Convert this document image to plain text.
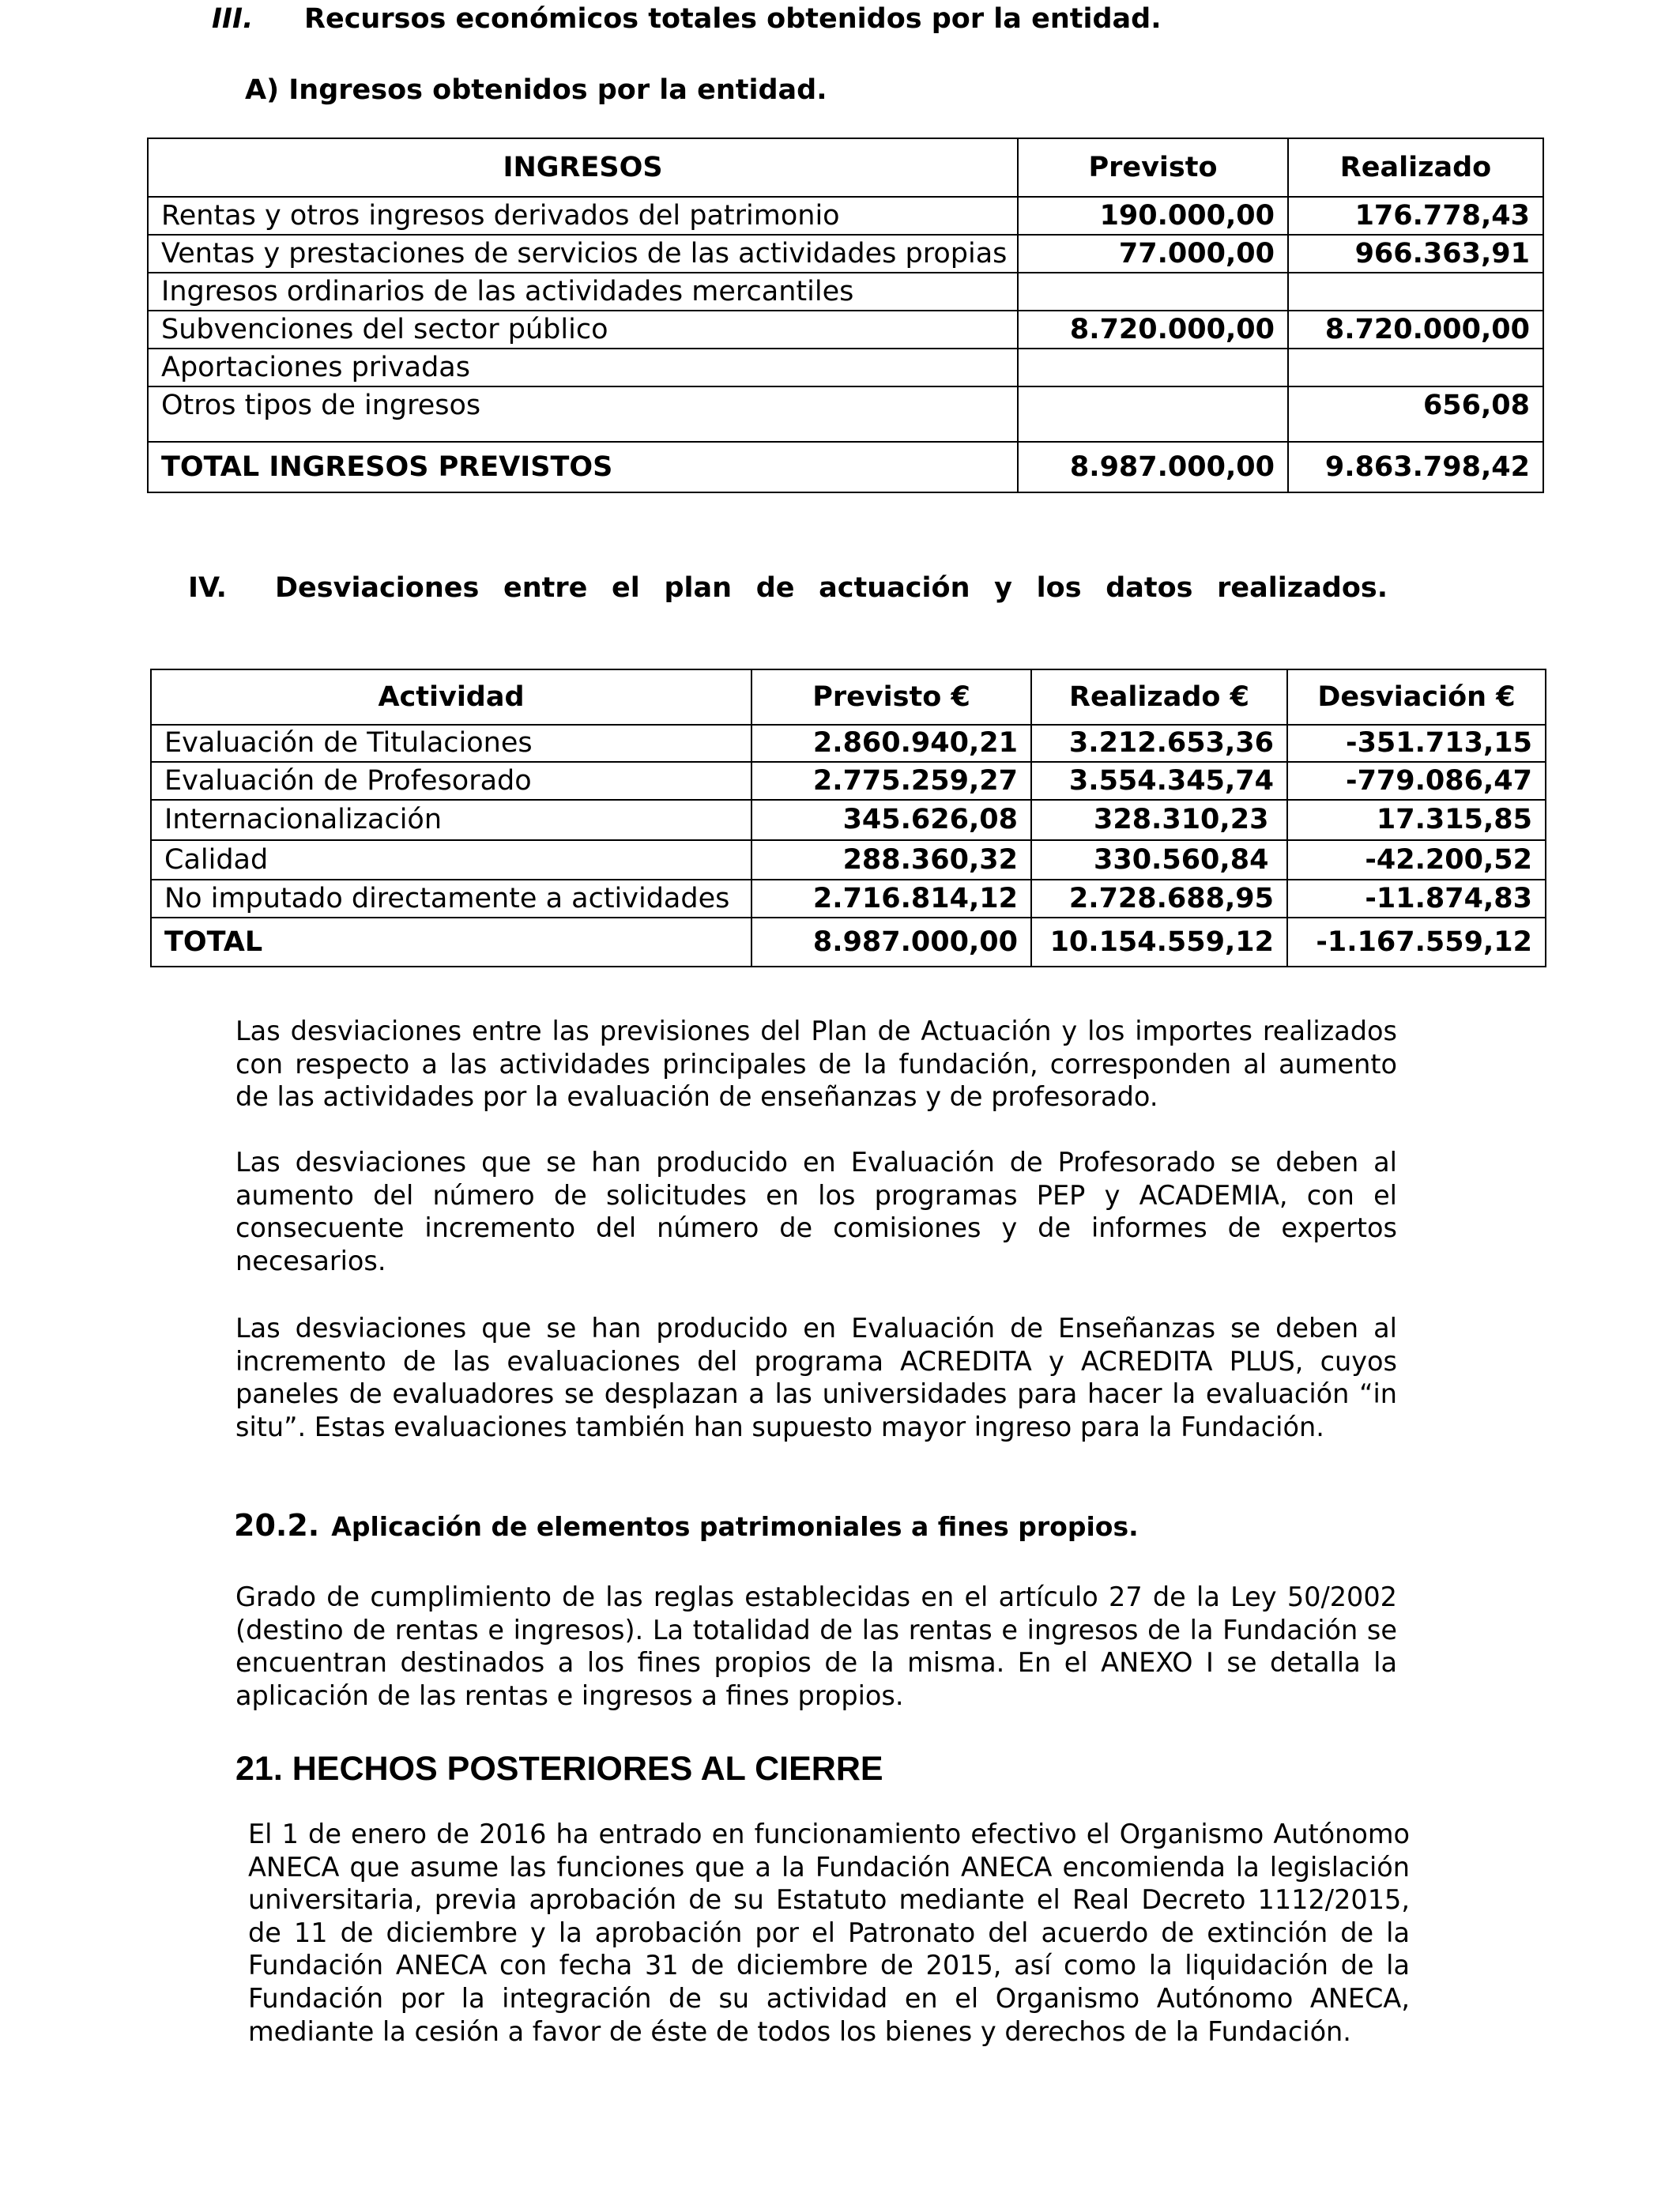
III. Recursos económicos totales obtenidos por la entidad.
A) Ingresos obtenidos por la entidad.
INGRESOS	Previsto	Realizado
Rentas y otros ingresos derivados del patrimonio	190.000,00	176.778,43
Ventas y prestaciones de servicios de las actividades propias	77.000,00	966.363,91
Ingresos ordinarios de las actividades mercantiles		
Subvenciones del sector público	8.720.000,00	8.720.000,00
Aportaciones privadas		
Otros tipos de ingresos		656,08
TOTAL INGRESOS PREVISTOS	8.987.000,00	9.863.798,42
IV. Desviaciones entre el plan de actuación y los datos realizados.
Actividad	Previsto €	Realizado €	Desviación €
Evaluación de Titulaciones	2.860.940,21	3.212.653,36	-351.713,15
Evaluación de Profesorado	2.775.259,27	3.554.345,74	-779.086,47
Internacionalización	345.626,08	328.310,23	17.315,85
Calidad	288.360,32	330.560,84	-42.200,52
No imputado directamente a actividades	2.716.814,12	2.728.688,95	-11.874,83
TOTAL	8.987.000,00	10.154.559,12	-1.167.559,12
Las desviaciones entre las previsiones del Plan de Actuación y los importes realizados con respecto a las actividades principales de la fundación, corresponden al aumento de las actividades por la evaluación de enseñanzas y de profesorado.
Las desviaciones que se han producido en Evaluación de Profesorado se deben al aumento del número de solicitudes en los programas PEP y ACADEMIA, con el consecuente incremento del número de comisiones y de informes de expertos necesarios.
Las desviaciones que se han producido en Evaluación de Enseñanzas se deben al incremento de las evaluaciones del programa ACREDITA y ACREDITA PLUS, cuyos paneles de evaluadores se desplazan a las universidades para hacer la evaluación “in situ”. Estas evaluaciones también han supuesto mayor ingreso para la Fundación.
20.2. Aplicación de elementos patrimoniales a fines propios.
Grado de cumplimiento de las reglas establecidas en el artículo 27 de la Ley 50/2002 (destino de rentas e ingresos). La totalidad de las rentas e ingresos de la Fundación se encuentran destinados a los fines propios de la misma. En el ANEXO I se detalla la aplicación de las rentas e ingresos a fines propios.
21. HECHOS POSTERIORES AL CIERRE
El 1 de enero de 2016 ha entrado en funcionamiento efectivo el Organismo Autónomo ANECA que asume las funciones que a la Fundación ANECA encomienda la legislación universitaria, previa aprobación de su Estatuto mediante el Real Decreto 1112/2015, de 11 de diciembre y la aprobación por el Patronato del acuerdo de extinción de la Fundación ANECA con fecha 31 de diciembre de 2015, así como la liquidación de la Fundación por la integración de su actividad en el Organismo Autónomo ANECA, mediante la cesión a favor de éste de todos los bienes y derechos de la Fundación.
